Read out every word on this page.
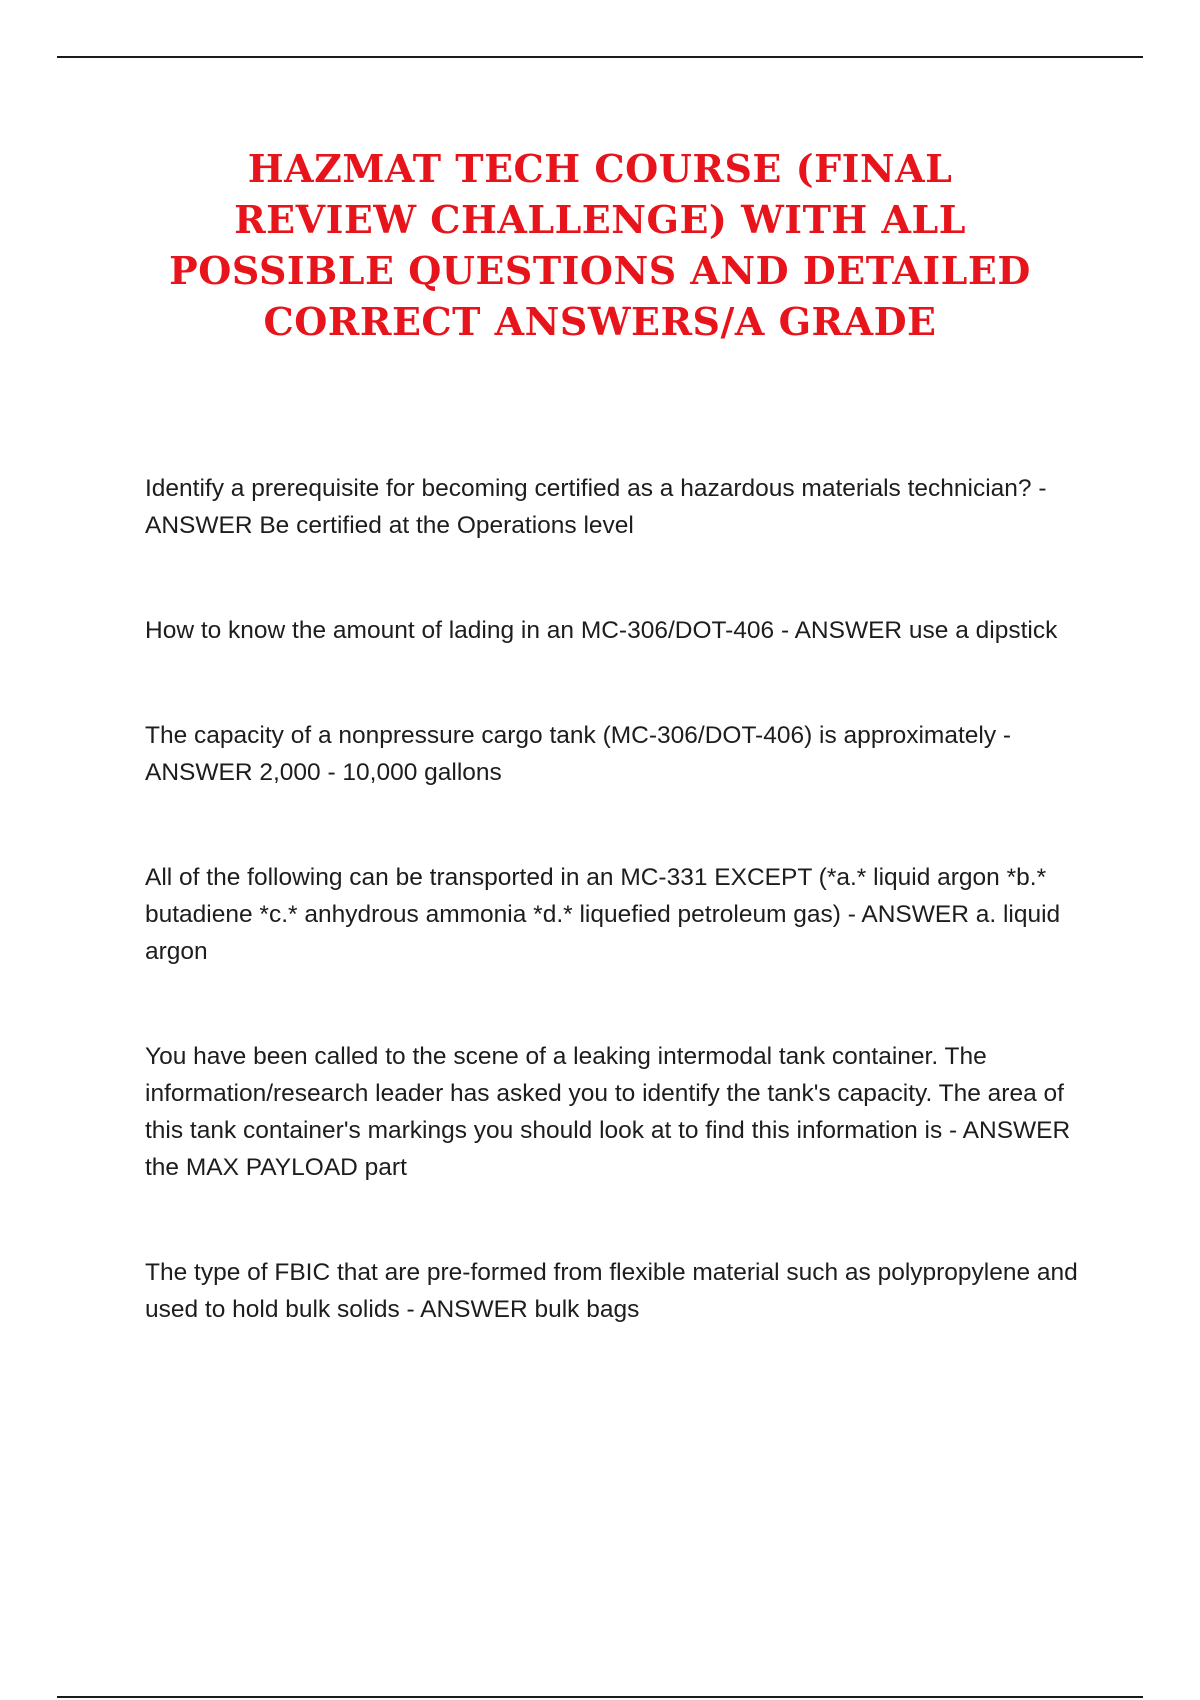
HAZMAT TECH COURSE (FINAL REVIEW CHALLENGE) WITH ALL POSSIBLE QUESTIONS AND DETAILED CORRECT ANSWERS/A GRADE
Identify a prerequisite for becoming certified as a hazardous materials technician? - ANSWER Be certified at the Operations level
How to know the amount of lading in an MC-306/DOT-406 - ANSWER use a dipstick
The capacity of a nonpressure cargo tank (MC-306/DOT-406) is approximately - ANSWER 2,000 - 10,000 gallons
All of the following can be transported in an MC-331 EXCEPT (*a.* liquid argon *b.* butadiene *c.* anhydrous ammonia *d.* liquefied petroleum gas) - ANSWER a. liquid argon
You have been called to the scene of a leaking intermodal tank container. The information/research leader has asked you to identify the tank's capacity. The area of this tank container's markings you should look at to find this information is - ANSWER the MAX PAYLOAD part
The type of FBIC that are pre-formed from flexible material such as polypropylene and used to hold bulk solids - ANSWER bulk bags
